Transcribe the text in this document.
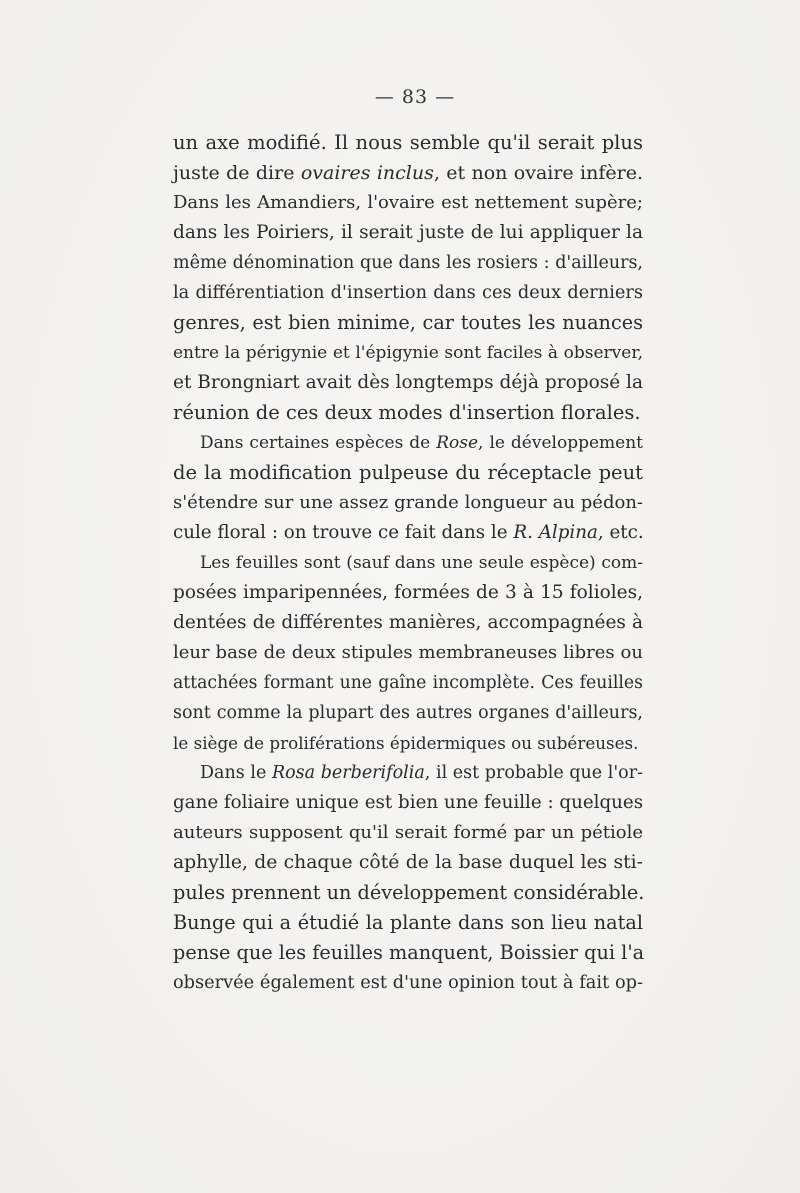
— 83 —
un axe modifié. Il nous semble qu'il serait plus
juste de dire ovaires inclus, et non ovaire infère.
Dans les Amandiers, l'ovaire est nettement supère;
dans les Poiriers, il serait juste de lui appliquer la
même dénomination que dans les rosiers : d'ailleurs,
la différentiation d'insertion dans ces deux derniers
genres, est bien minime, car toutes les nuances
entre la périgynie et l'épigynie sont faciles à observer,
et Brongniart avait dès longtemps déjà proposé la
réunion de ces deux modes d'insertion florales.
Dans certaines espèces de Rose, le développement
de la modification pulpeuse du réceptacle peut
s'étendre sur une assez grande longueur au pédon-
cule floral : on trouve ce fait dans le R. Alpina, etc.
Les feuilles sont (sauf dans une seule espèce) com-
posées imparipennées, formées de 3 à 15 folioles,
dentées de différentes manières, accompagnées à
leur base de deux stipules membraneuses libres ou
attachées formant une gaîne incomplète. Ces feuilles
sont comme la plupart des autres organes d'ailleurs,
le siège de proliférations épidermiques ou subéreuses.
Dans le Rosa berberifolia, il est probable que l'or-
gane foliaire unique est bien une feuille : quelques
auteurs supposent qu'il serait formé par un pétiole
aphylle, de chaque côté de la base duquel les sti-
pules prennent un développement considérable.
Bunge qui a étudié la plante dans son lieu natal
pense que les feuilles manquent, Boissier qui l'a
observée également est d'une opinion tout à fait op-
